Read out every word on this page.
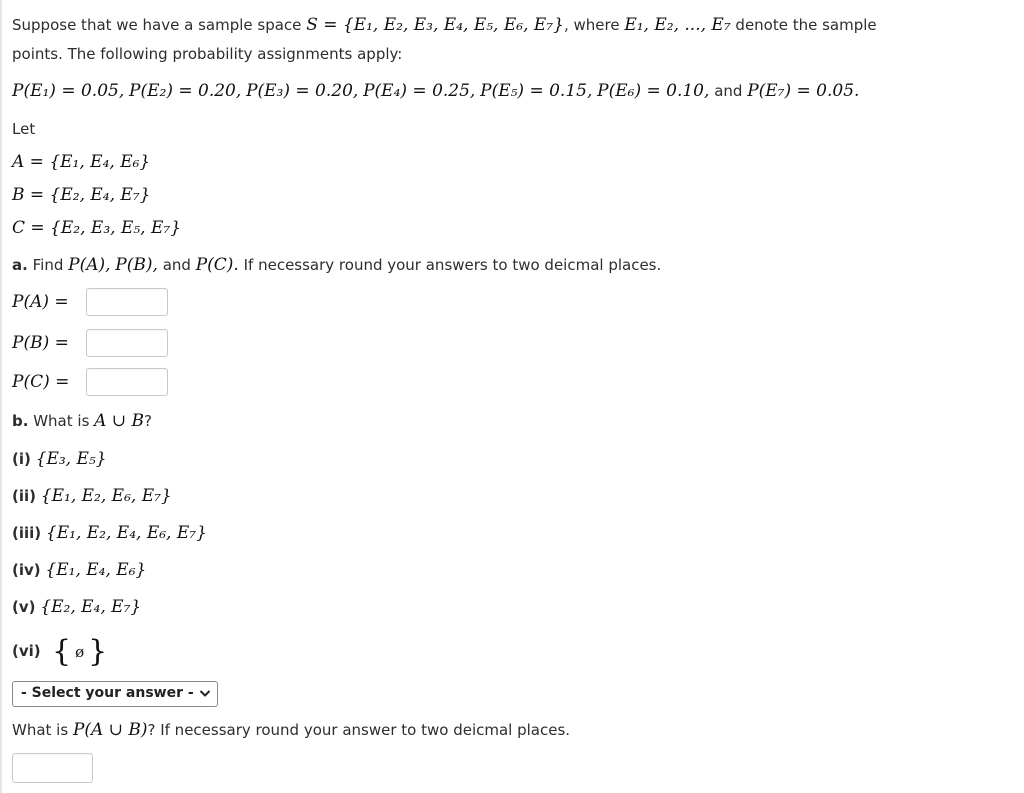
Suppose that we have a sample space S = {E₁, E₂, E₃, E₄, E₅, E₆, E₇}, where E₁, E₂, ..., E₇ denote the sample
points. The following probability assignments apply:
P(E₁) = 0.05, P(E₂) = 0.20, P(E₃) = 0.20, P(E₄) = 0.25, P(E₅) = 0.15, P(E₆) = 0.10, and P(E₇) = 0.05.
Let
A = {E₁, E₄, E₆}
B = {E₂, E₄, E₇}
C = {E₂, E₃, E₅, E₇}
a. Find P(A), P(B), and P(C). If necessary round your answers to two deicmal places.
P(A) =
P(B) =
P(C) =
b. What is A ∪ B?
(i) {E₃, E₅}
(ii) {E₁, E₂, E₆, E₇}
(iii) {E₁, E₂, E₄, E₆, E₇}
(iv) {E₁, E₄, E₆}
(v) {E₂, E₄, E₇}
(vi) { ø }
- Select your answer -
What is P(A ∪ B)? If necessary round your answer to two deicmal places.
